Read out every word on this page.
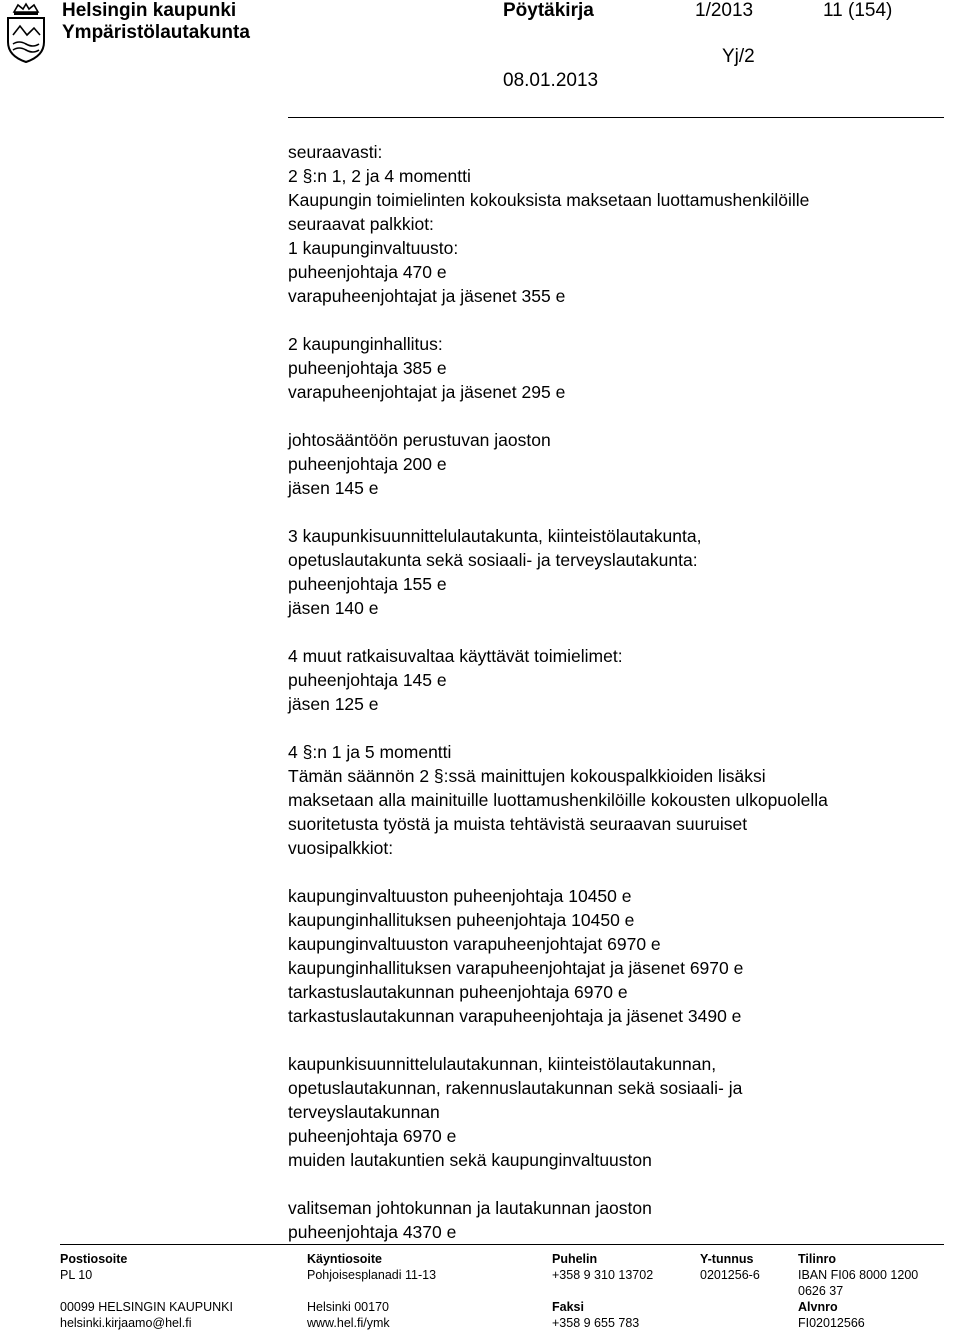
Helsingin kaupunki
Ympäristölautakunta
Pöytäkirja	1/2013	11 (154)
Yj/2
08.01.2013
seuraavasti:
2 §:n 1, 2 ja 4 momentti
Kaupungin toimielinten kokouksista maksetaan luottamushenkilöille
seuraavat palkkiot:
1 kaupunginvaltuusto:
puheenjohtaja 470 e
varapuheenjohtajat ja jäsenet 355 e
2 kaupunginhallitus:
puheenjohtaja 385 e
varapuheenjohtajat ja jäsenet 295 e
johtosääntöön perustuvan jaoston
puheenjohtaja 200 e
jäsen 145 e
3 kaupunkisuunnittelulautakunta, kiinteistölautakunta,
opetuslautakunta sekä sosiaali- ja terveyslautakunta:
puheenjohtaja 155 e
jäsen 140 e
4 muut ratkaisuvaltaa käyttävät toimielimet:
puheenjohtaja 145 e
jäsen 125 e
4 §:n 1 ja 5 momentti
Tämän säännön 2 §:ssä mainittujen kokouspalkkioiden lisäksi
maksetaan alla mainituille luottamushenkilöille kokousten ulkopuolella
suoritetusta työstä ja muista tehtävistä seuraavan suuruiset
vuosipalkkiot:
kaupunginvaltuuston puheenjohtaja 10450 e
kaupunginhallituksen puheenjohtaja 10450 e
kaupunginvaltuuston varapuheenjohtajat 6970 e
kaupunginhallituksen varapuheenjohtajat ja jäsenet 6970 e
tarkastuslautakunnan puheenjohtaja 6970 e
tarkastuslautakunnan varapuheenjohtaja ja jäsenet 3490 e
kaupunkisuunnittelulautakunnan, kiinteistölautakunnan,
opetuslautakunnan, rakennuslautakunnan sekä sosiaali- ja
terveyslautakunnan
puheenjohtaja 6970 e
muiden lautakuntien sekä kaupunginvaltuuston
valitseman johtokunnan ja lautakunnan jaoston
puheenjohtaja 4370 e
Postiosoite
PL 10
00099 HELSINGIN KAUPUNKI
helsinki.kirjaamo@hel.fi
Käyntiosoite
Pohjoisesplanadi 11-13
Helsinki 00170
www.hel.fi/ymk
Puhelin
+358 9 310 13702
Faksi
+358 9 655 783
Y-tunnus
0201256-6
Tilinro
IBAN FI06 8000 1200
0626 37
Alvnro
FI02012566
